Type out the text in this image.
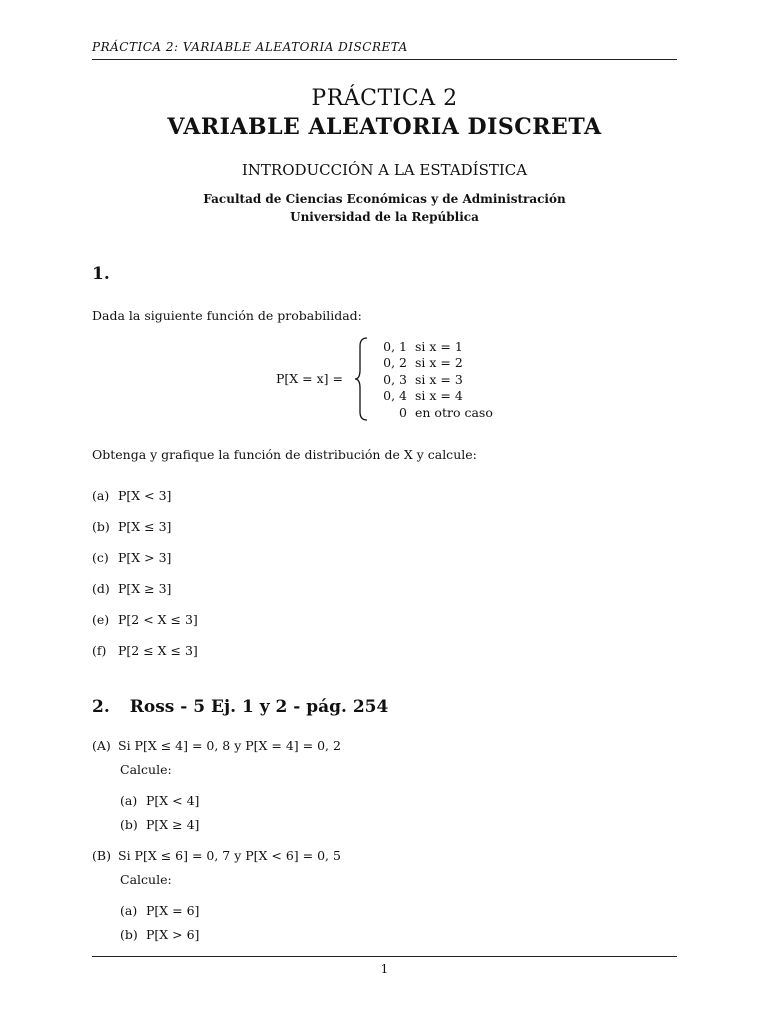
PRÁCTICA 2: VARIABLE ALEATORIA DISCRETA
PRÁCTICA 2
VARIABLE ALEATORIA DISCRETA
INTRODUCCIÓN A LA ESTADÍSTICA
Facultad de Ciencias Económicas y de Administración
Universidad de la República
1.
Dada la siguiente función de probabilidad:
P[X = x] =
0, 1 si x = 1
0, 2 si x = 2
0, 3 si x = 3
0, 4 si x = 4
0 en otro caso
Obtenga y grafique la función de distribución de X y calcule:
(a) P[X < 3]
(b) P[X ≤ 3]
(c) P[X > 3]
(d) P[X ≥ 3]
(e) P[2 < X ≤ 3]
(f) P[2 ≤ X ≤ 3]
2. Ross - 5 Ej. 1 y 2 - pág. 254
(A) Si P[X ≤ 4] = 0, 8 y P[X = 4] = 0, 2
Calcule:
(a) P[X < 4]
(b) P[X ≥ 4]
(B) Si P[X ≤ 6] = 0, 7 y P[X < 6] = 0, 5
Calcule:
(a) P[X = 6]
(b) P[X > 6]
1
